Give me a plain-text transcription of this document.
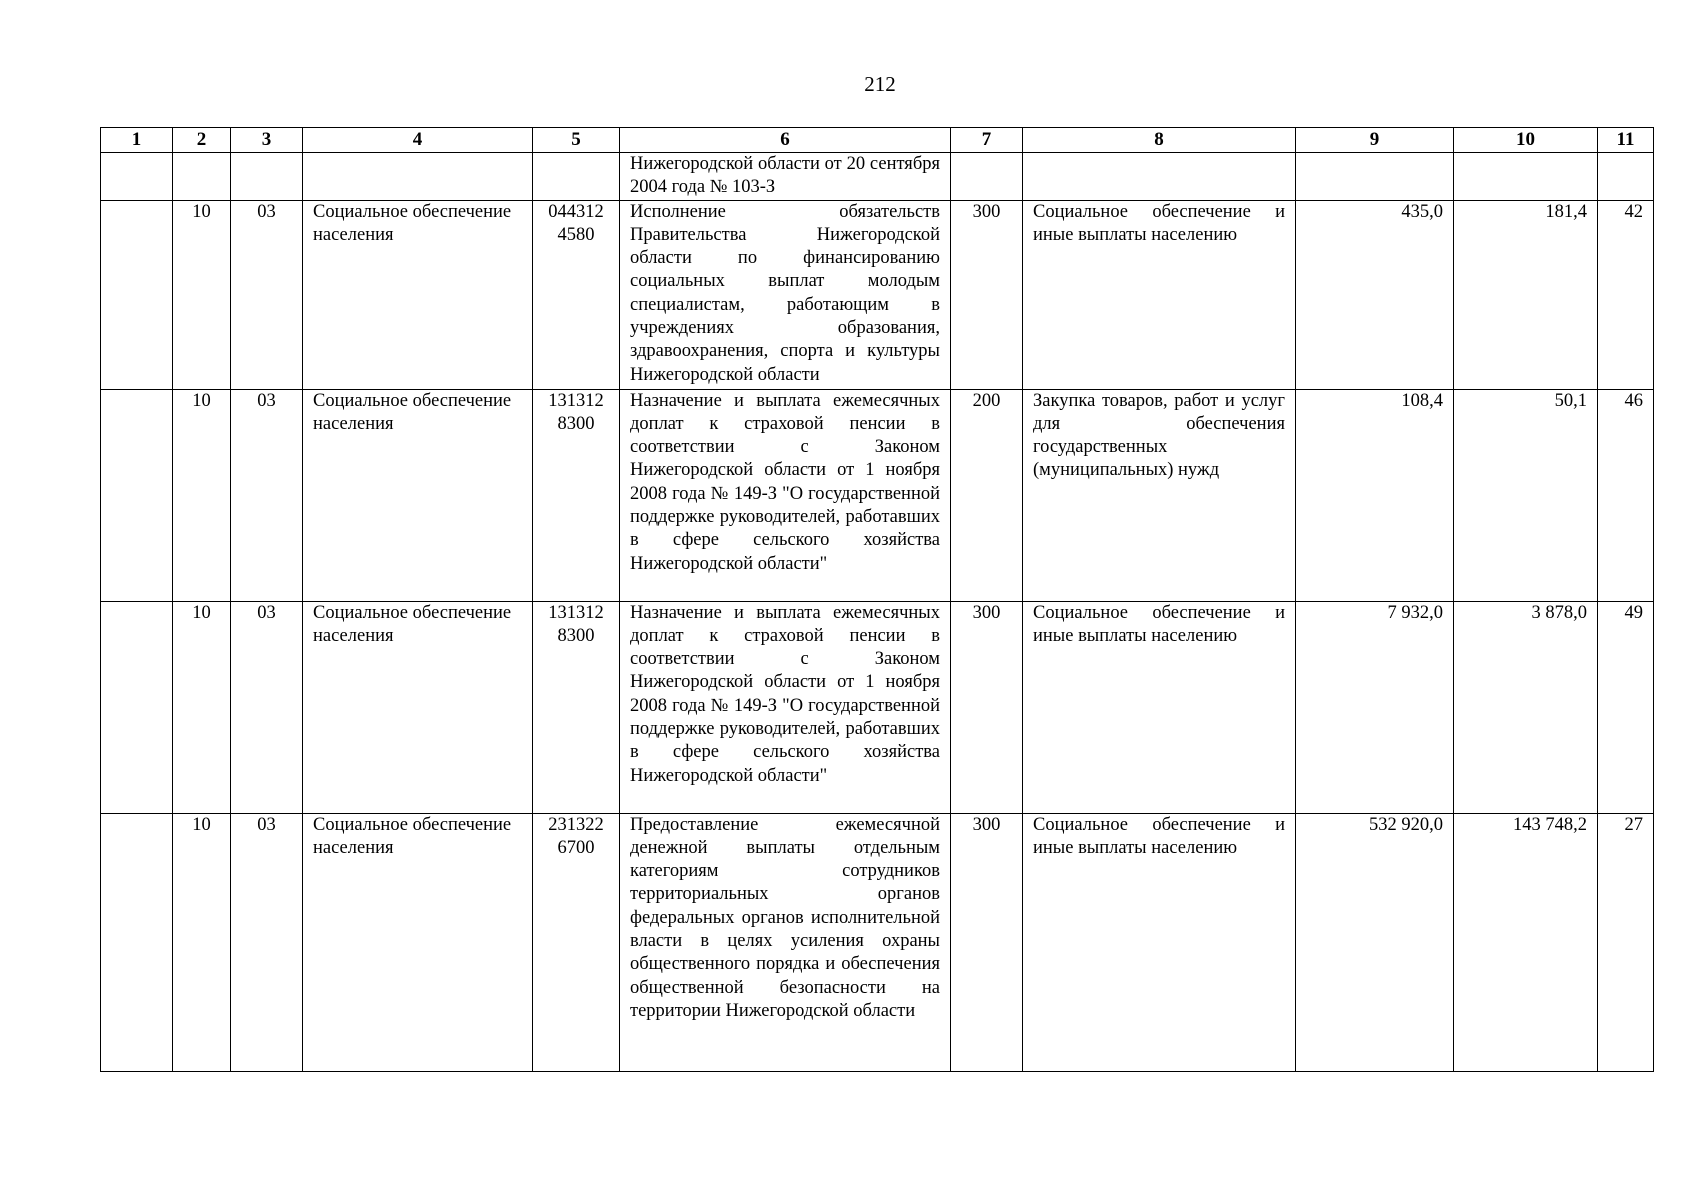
212
1	2	3	4	5	6	7	8	9	10	11
					Нижегородской области от 20 сентября 2004 года № 103-З					
	10	03	Социальное обеспечение населения	044312 4580	Исполнение обязательств Правительства Нижегородской области по финансированию социальных выплат молодым специалистам, работающим в учреждениях образования, здравоохранения, спорта и культуры Нижегородской области	300	Социальное обеспечение и иные выплаты населению	435,0	181,4	42
	10	03	Социальное обеспечение населения	131312 8300	Назначение и выплата ежемесячных доплат к страховой пенсии в соответствии с Законом Нижегородской области от 1 ноября 2008 года № 149-З "О государственной поддержке руководителей, работавших в сфере сельского хозяйства Нижегородской области"	200	Закупка товаров, работ и услуг для обеспечения государственных (муниципальных) нужд	108,4	50,1	46
	10	03	Социальное обеспечение населения	131312 8300	Назначение и выплата ежемесячных доплат к страховой пенсии в соответствии с Законом Нижегородской области от 1 ноября 2008 года № 149-З "О государственной поддержке руководителей, работавших в сфере сельского хозяйства Нижегородской области"	300	Социальное обеспечение и иные выплаты населению	7 932,0	3 878,0	49
	10	03	Социальное обеспечение населения	231322 6700	Предоставление ежемесячной денежной выплаты отдельным категориям сотрудников территориальных органов федеральных органов исполнительной власти в целях усиления охраны общественного порядка и обеспечения общественной безопасности на территории Нижегородской области	300	Социальное обеспечение и иные выплаты населению	532 920,0	143 748,2	27
